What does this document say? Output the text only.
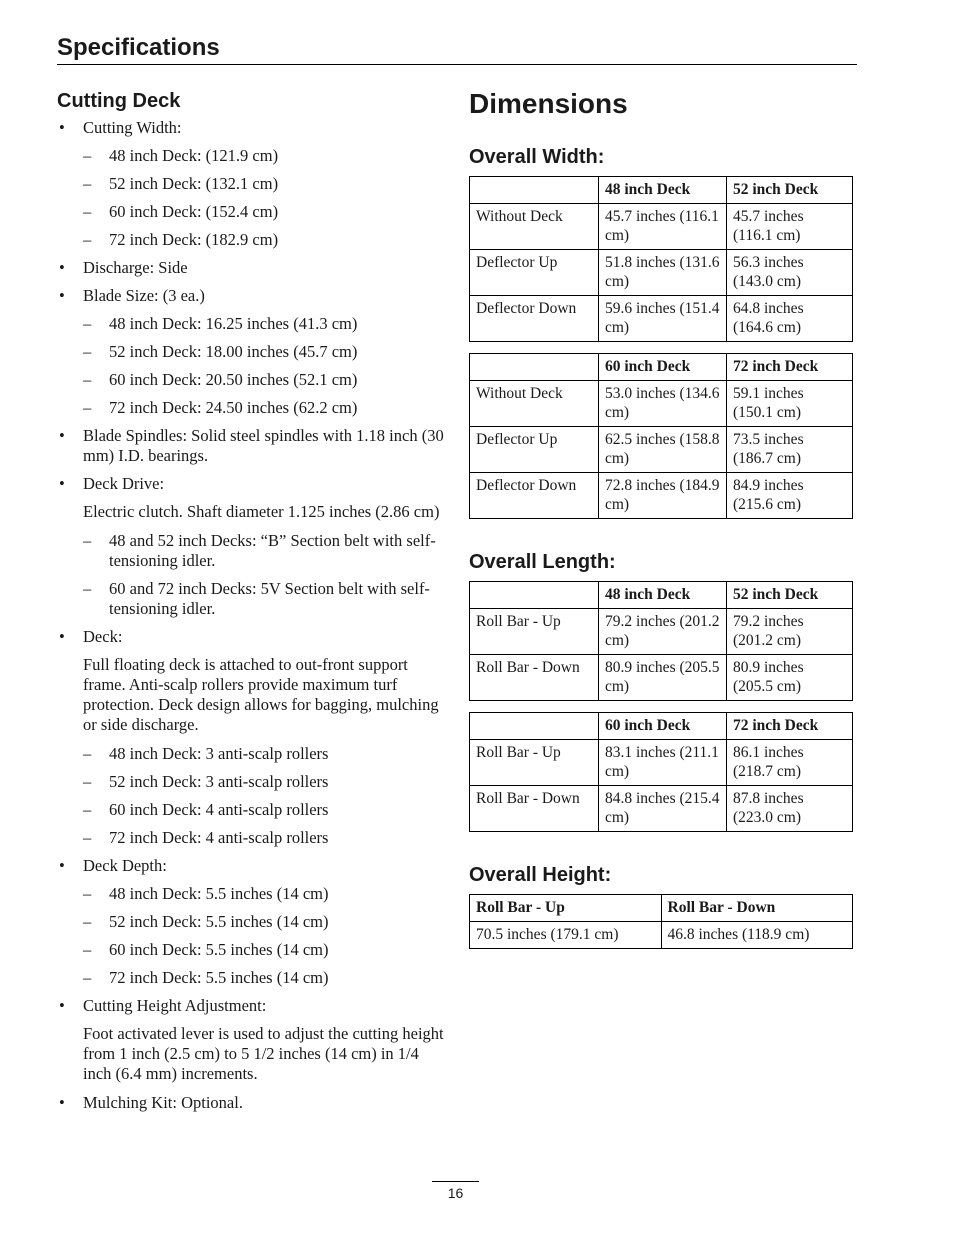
Specifications
Cutting Deck
• Cutting Width:
– 48 inch Deck: (121.9 cm)
– 52 inch Deck: (132.1 cm)
– 60 inch Deck: (152.4 cm)
– 72 inch Deck: (182.9 cm)
• Discharge: Side
• Blade Size: (3 ea.)
– 48 inch Deck: 16.25 inches (41.3 cm)
– 52 inch Deck: 18.00 inches (45.7 cm)
– 60 inch Deck: 20.50 inches (52.1 cm)
– 72 inch Deck: 24.50 inches (62.2 cm)
• Blade Spindles: Solid steel spindles with 1.18 inch (30 mm) I.D. bearings.
• Deck Drive:
Electric clutch. Shaft diameter 1.125 inches (2.86 cm)
– 48 and 52 inch Decks: “B” Section belt with self-tensioning idler.
– 60 and 72 inch Decks: 5V Section belt with self-tensioning idler.
• Deck:
Full floating deck is attached to out-front support frame. Anti-scalp rollers provide maximum turf protection. Deck design allows for bagging, mulching or side discharge.
– 48 inch Deck: 3 anti-scalp rollers
– 52 inch Deck: 3 anti-scalp rollers
– 60 inch Deck: 4 anti-scalp rollers
– 72 inch Deck: 4 anti-scalp rollers
• Deck Depth:
– 48 inch Deck: 5.5 inches (14 cm)
– 52 inch Deck: 5.5 inches (14 cm)
– 60 inch Deck: 5.5 inches (14 cm)
– 72 inch Deck: 5.5 inches (14 cm)
• Cutting Height Adjustment:
Foot activated lever is used to adjust the cutting height from 1 inch (2.5 cm) to 5 1/2 inches (14 cm) in 1/4 inch (6.4 mm) increments.
• Mulching Kit: Optional.
Dimensions
Overall Width:
	48 inch Deck	52 inch Deck
Without Deck	45.7 inches (116.1 cm)	45.7 inches (116.1 cm)
Deflector Up	51.8 inches (131.6 cm)	56.3 inches (143.0 cm)
Deflector Down	59.6 inches (151.4 cm)	64.8 inches (164.6 cm)
	60 inch Deck	72 inch Deck
Without Deck	53.0 inches (134.6 cm)	59.1 inches (150.1 cm)
Deflector Up	62.5 inches (158.8 cm)	73.5 inches (186.7 cm)
Deflector Down	72.8 inches (184.9 cm)	84.9 inches (215.6 cm)
Overall Length:
	48 inch Deck	52 inch Deck
Roll Bar - Up	79.2 inches (201.2 cm)	79.2 inches (201.2 cm)
Roll Bar - Down	80.9 inches (205.5 cm)	80.9 inches (205.5 cm)
	60 inch Deck	72 inch Deck
Roll Bar - Up	83.1 inches (211.1 cm)	86.1 inches (218.7 cm)
Roll Bar - Down	84.8 inches (215.4 cm)	87.8 inches (223.0 cm)
Overall Height:
Roll Bar - Up	Roll Bar - Down
70.5 inches (179.1 cm)	46.8 inches (118.9 cm)
16
